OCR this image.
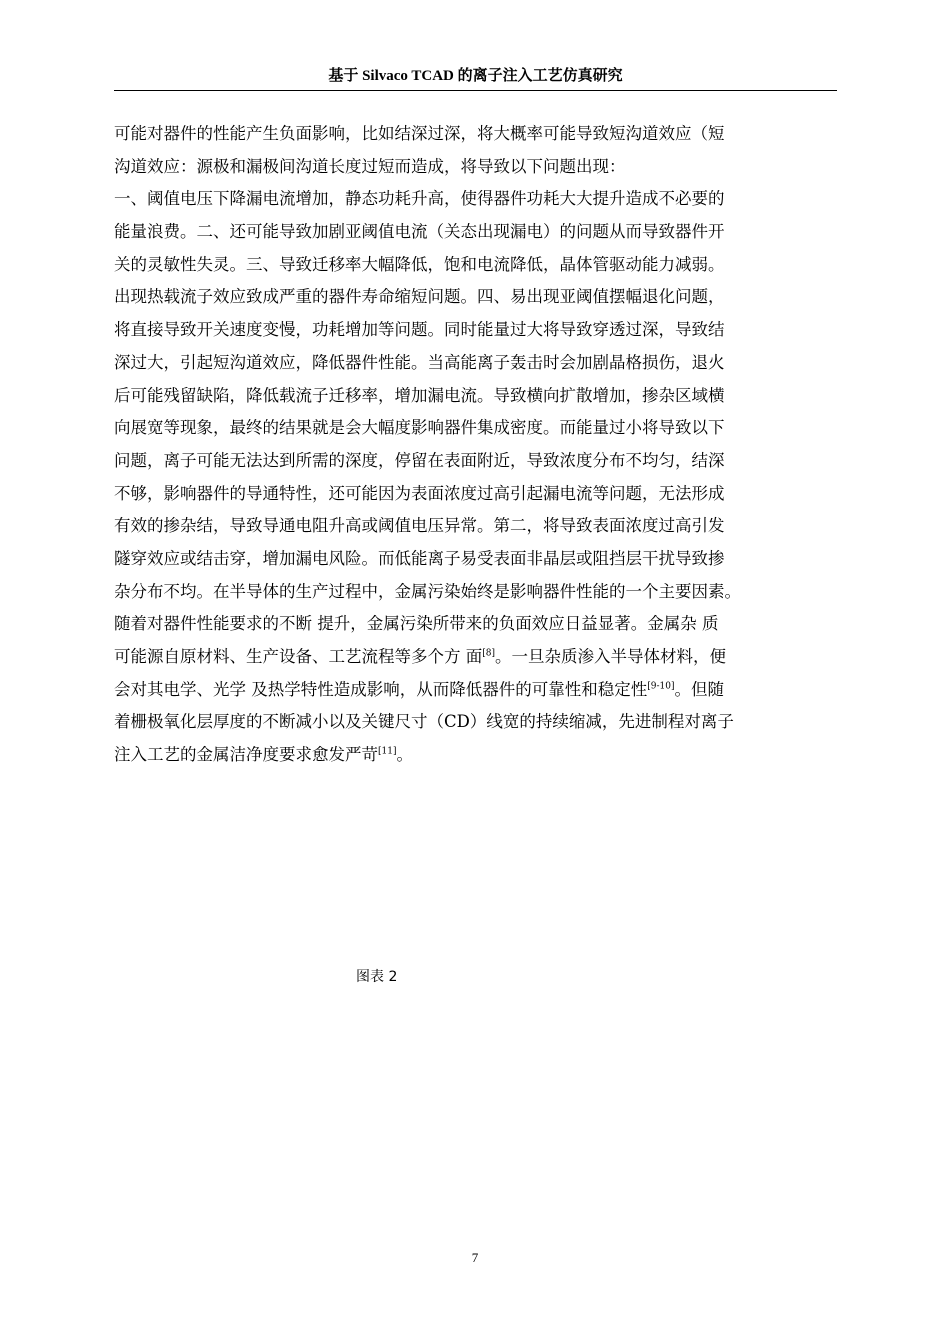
基于 Silvaco TCAD 的离子注入工艺仿真研究
可能对器件的性能产生负面影响，比如结深过深，将大概率可能导致短沟道效应（短
沟道效应：源极和漏极间沟道长度过短而造成，将导致以下问题出现：
一、阈值电压下降漏电流增加，静态功耗升高，使得器件功耗大大提升造成不必要的
能量浪费。二、还可能导致加剧亚阈值电流（关态出现漏电）的问题从而导致器件开
关的灵敏性失灵。三、导致迁移率大幅降低，饱和电流降低，晶体管驱动能力减弱。
出现热载流子效应致成严重的器件寿命缩短问题。四、易出现亚阈值摆幅退化问题，
将直接导致开关速度变慢，功耗增加等问题。同时能量过大将导致穿透过深，导致结
深过大，引起短沟道效应，降低器件性能。当高能离子轰击时会加剧晶格损伤，退火
后可能残留缺陷，降低载流子迁移率，增加漏电流。导致横向扩散增加，掺杂区域横
向展宽等现象，最终的结果就是会大幅度影响器件集成密度。而能量过小将导致以下
问题，离子可能无法达到所需的深度，停留在表面附近，导致浓度分布不均匀，结深
不够，影响器件的导通特性，还可能因为表面浓度过高引起漏电流等问题，无法形成
有效的掺杂结，导致导通电阻升高或阈值电压异常。第二，将导致表面浓度过高引发
隧穿效应或结击穿，增加漏电风险。而低能离子易受表面非晶层或阻挡层干扰导致掺
杂分布不均。在半导体的生产过程中，金属污染始终是影响器件性能的一个主要因素。
随着对器件性能要求的不断 提升，金属污染所带来的负面效应日益显著。金属杂 质
可能源自原材料、生产设备、工艺流程等多个方 面[8]。一旦杂质渗入半导体材料，便
会对其电学、光学 及热学特性造成影响，从而降低器件的可靠性和稳定性[9-10]。但随
着栅极氧化层厚度的不断减小以及关键尺寸（CD）线宽的持续缩减，先进制程对离子
注入工艺的金属洁净度要求愈发严苛[11]。
图表 2
7
